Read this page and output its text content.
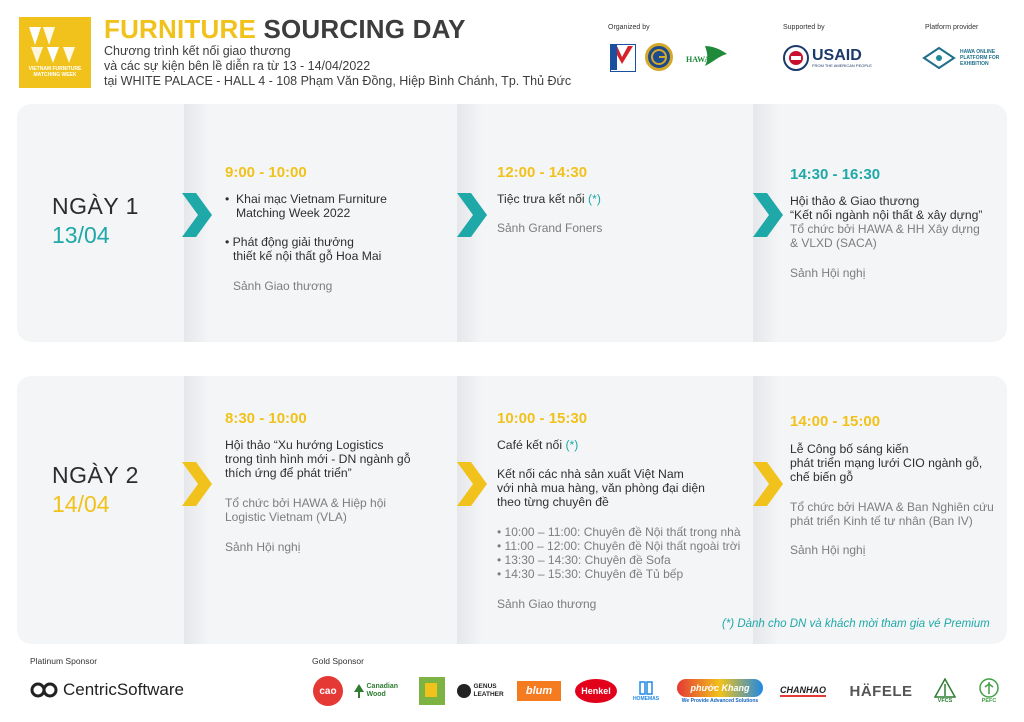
VIETNAM FURNITURE MATCHING WEEK
FURNITURE SOURCING DAY
Chương trình kết nối giao thương
và các sự kiện bên lề diễn ra từ 13 - 14/04/2022
tại WHITE PALACE - HALL 4 - 108 Phạm Văn Đồng, Hiệp Bình Chánh, Tp. Thủ Đức
Organized by	Supported by	Platform provider
HAWA	USAID
FROM THE AMERICAN PEOPLE
HAWA ONLINE PLATFORM FOR EXHIBITION
NGÀY 1
13/04
9:00 - 10:00
•  Khai mạc Vietnam Furniture
Matching Week 2022
• Phát động giải thưởng
thiết kế nội thất gỗ Hoa Mai
Sảnh Giao thương
12:00 - 14:30
Tiệc trưa kết nối (*)
Sảnh Grand Foners
14:30 - 16:30
Hội thảo & Giao thương
“Kết nối ngành nội thất & xây dựng”
Tổ chức bởi HAWA & HH Xây dựng
& VLXD (SACA)
Sảnh Hội nghị
NGÀY 2
14/04
8:30 - 10:00
Hội thảo “Xu hướng Logistics
trong tình hình mới - DN ngành gỗ
thích ứng để phát triển”
Tổ chức bởi HAWA & Hiệp hội
Logistic Vietnam (VLA)
Sảnh Hội nghị
10:00 - 15:30
Café kết nối (*)
Kết nối các nhà sản xuất Việt Nam
với nhà mua hàng, văn phòng đại diện
theo từng chuyên đề
• 10:00 – 11:00: Chuyên đề Nội thất trong nhà
• 11:00 – 12:00: Chuyên đề Nội thất ngoài trời
• 13:30 – 14:30: Chuyên đề Sofa
• 14:30 – 15:30: Chuyên đề Tủ bếp
Sảnh Giao thương
14:00 - 15:00
Lễ Công bố sáng kiến
phát triển mạng lưới CIO ngành gỗ,
chế biến gỗ
Tổ chức bởi HAWA & Ban Nghiên cứu
phát triển Kinh tế tư nhân (Ban IV)
Sảnh Hội nghị
(*) Dành cho DN và khách mời tham gia vé Premium
Platinum Sponsor	Gold Sponsor
CentricSoftware	cao	Canadian Wood
GENUS LEATHER	blum	Henkel
HOMEMAS
phước Khang
We Provide Advanced Solutions
CHANHAO HÄFELE
VFCS	PEFC
